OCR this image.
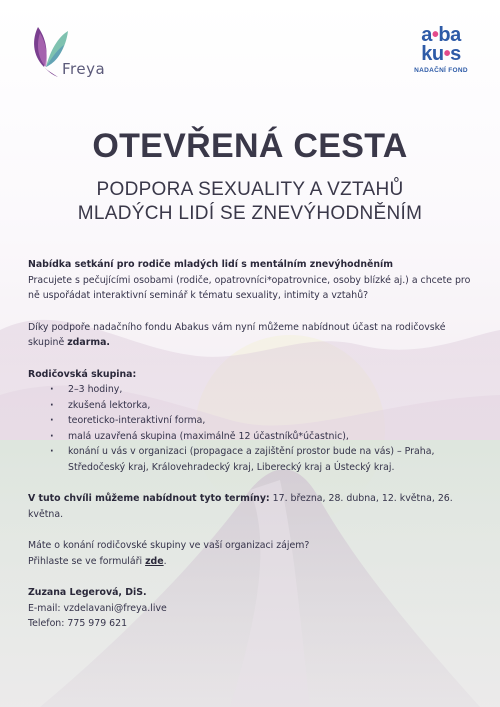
Freya
a•ba
ku•s
NADAČNÍ FOND
OTEVŘENÁ CESTA
PODPORA SEXUALITY A VZTAHŮ
MLADÝCH LIDÍ SE ZNEVÝHODNĚNÍM

Nabídka setkání pro rodiče mladých lidí s mentálním znevýhodněním

Pracujete s pečujícími osobami (rodiče, opatrovníci*opatrovnice, osoby blízké aj.) a chcete pro ně uspořádat interaktivní seminář k tématu sexuality, intimity a vztahů?

Díky podpoře nadačního fondu Abakus vám nyní můžeme nabídnout účast na rodičovské skupině zdarma.

Rodičovská skupina:

· 2–3 hodiny,
· zkušená lektorka,
· teoreticko-interaktivní forma,
· malá uzavřená skupina (maximálně 12 účastníků*účastnic),
· konání u vás v organizaci (propagace a zajištění prostor bude na vás) – Praha, Středočeský kraj, Královehradecký kraj, Liberecký kraj a Ústecký kraj.

V tuto chvíli můžeme nabídnout tyto termíny: 17. března, 28. dubna, 12. května, 26. května.

Máte o konání rodičovské skupiny ve vaší organizaci zájem?

Přihlaste se ve formuláři zde.

Zuzana Legerová, DiS.

E-mail: vzdelavani@freya.live

Telefon: 775 979 621
